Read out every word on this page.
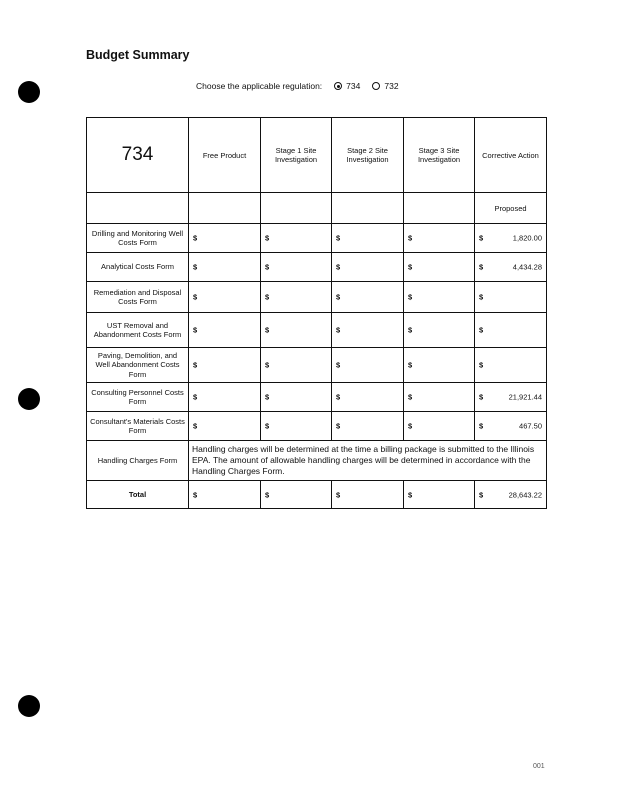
Budget Summary
Choose the applicable regulation:	734	732
734	Free Product	Stage 1 Site Investigation	Stage 2 Site Investigation	Stage 3 Site Investigation	Corrective Action
					Proposed
Drilling and Monitoring Well Costs Form	$	$	$	$	$ 1,820.00

Analytical Costs Form	$	$	$	$	$ 4,434.28

Remediation and Disposal Costs Form	$	$	$	$	$

UST Removal and Abandonment Costs Form	$	$	$	$	$

Paving, Demolition, and Well Abandonment Costs Form	$	$	$	$	$

Consulting Personnel Costs Form	$	$	$	$	$ 21,921.44

Consultant's Materials Costs Form	$	$	$	$	$ 467.50

Handling Charges Form	Handling charges will be determined at the time a billing package is submitted to the Illinois EPA. The amount of allowable handling charges will be determined in accordance with the Handling Charges Form.				
Total	$	$	$	$	$ 28,643.22
001
